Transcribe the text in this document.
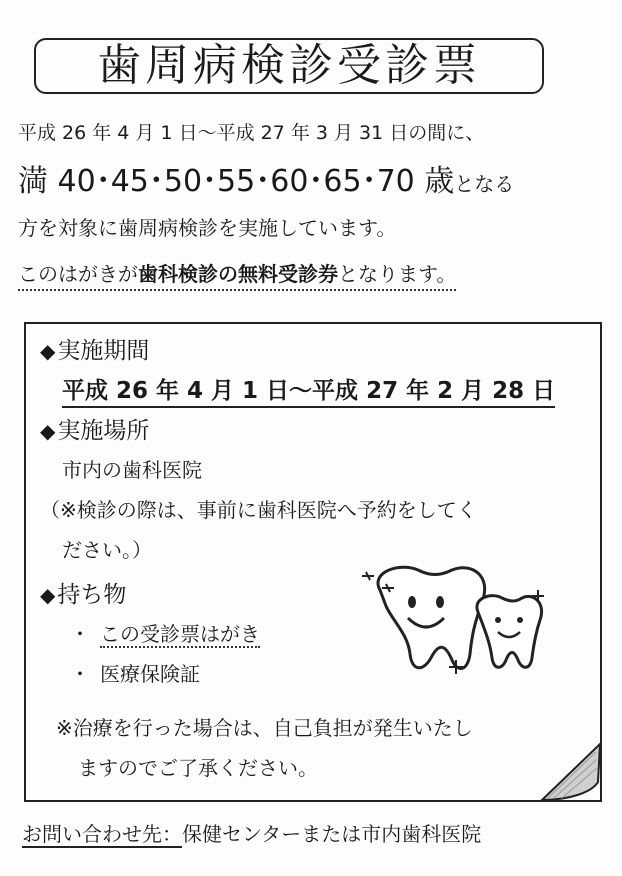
歯周病検診受診票
平成 26 年 4 月 1 日～平成 27 年 3 月 31 日の間に、
満 40･45･50･55･60･65･70 歳となる
方を対象に歯周病検診を実施しています。
このはがきが歯科検診の無料受診券となります。
◆実施期間
平成 26 年 4 月 1 日～平成 27 年 2 月 28 日
◆実施場所
市内の歯科医院
（※検診の際は、事前に歯科医院へ予約をしてく
ださい。）
◆持ち物
・ この受診票はがき
・ 医療保険証
※治療を行った場合は、自己負担が発生いたし
ますのでご了承ください。
お問い合わせ先：保健センターまたは市内歯科医院
